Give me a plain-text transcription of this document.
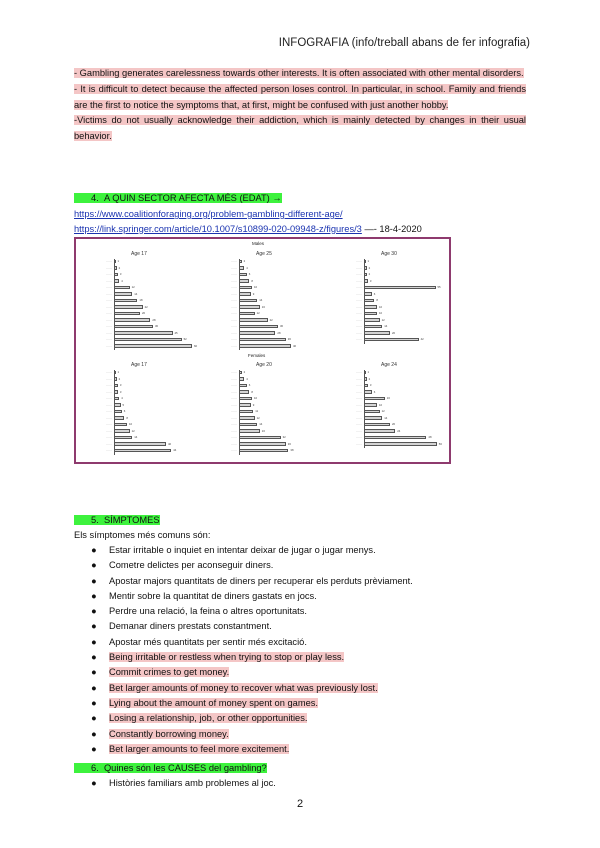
INFOGRAFIA (info/treball abans de fer infografia)

- Gambling generates carelessness towards other interests. It is often associated with other mental disorders.

- It is difficult to detect because the affected person loses control. In particular, in school. Family and friends are the first to notice the symptoms that, at first, might be confused with just another hobby.

-Victims do not usually acknowledge their addiction, which is mainly detected by changes in their usual behavior.

4. A QUIN SECTOR AFECTA MÉS (EDAT) →
https://www.coalitionforaging.org/problem-gambling-different-age/
https://link.springer.com/article/10.1007/s10899-020-09948-z/figures/3 —- 18-4-2020
Males
Females
Age 17	Age 25	Age 30
Age 17	Age 20	Age 24
······ 1
······ 2
······	3
······	4
······	12
······	14
······	18
······	22
······	20
······	28
······	30
······	45
······	52
······	60
······ 2
······	4
······	6
······	8
······	10
······	9
······	14
······	16
······	12
······	22
······	30
······	28
······	36
······	40
······ 1
······ 2
······ 2
······	3
······	55
······	6
······	8
······	10
······	10
······	12
······	14
······	20
······	42
······ 1
······ 2
······	3
······	3
······	4
······	5
······	6
······	8
······	10
······	12
······	14
······	40
······	44
······ 2
······	4
······	6
······	8
······	10
······	9
······	11
······	12
······	14
······	16
······	32
······	36
······	38
······ 1
······ 2
······	3
······	6
······	16
······	10
······	12
······	14
······	20
······	24
······	48
······	56
5. SÍMPTOMES
Els símptomes més comuns són:
● Estar irritable o inquiet en intentar deixar de jugar o jugar menys.
● Cometre delictes per aconseguir diners.
● Apostar majors quantitats de diners per recuperar els perduts prèviament.
● Mentir sobre la quantitat de diners gastats en jocs.
● Perdre una relació, la feina o altres oportunitats.
● Demanar diners prestats constantment.
● Apostar més quantitats per sentir més excitació.
● Being irritable or restless when trying to stop or play less.
● Commit crimes to get money.
● Bet larger amounts of money to recover what was previously lost.
● Lying about the amount of money spent on games.
● Losing a relationship, job, or other opportunities.
● Constantly borrowing money.
● Bet larger amounts to feel more excitement.
6. Quines són les CAUSES del gambling?
● Històries familiars amb problemes al joc.
2
